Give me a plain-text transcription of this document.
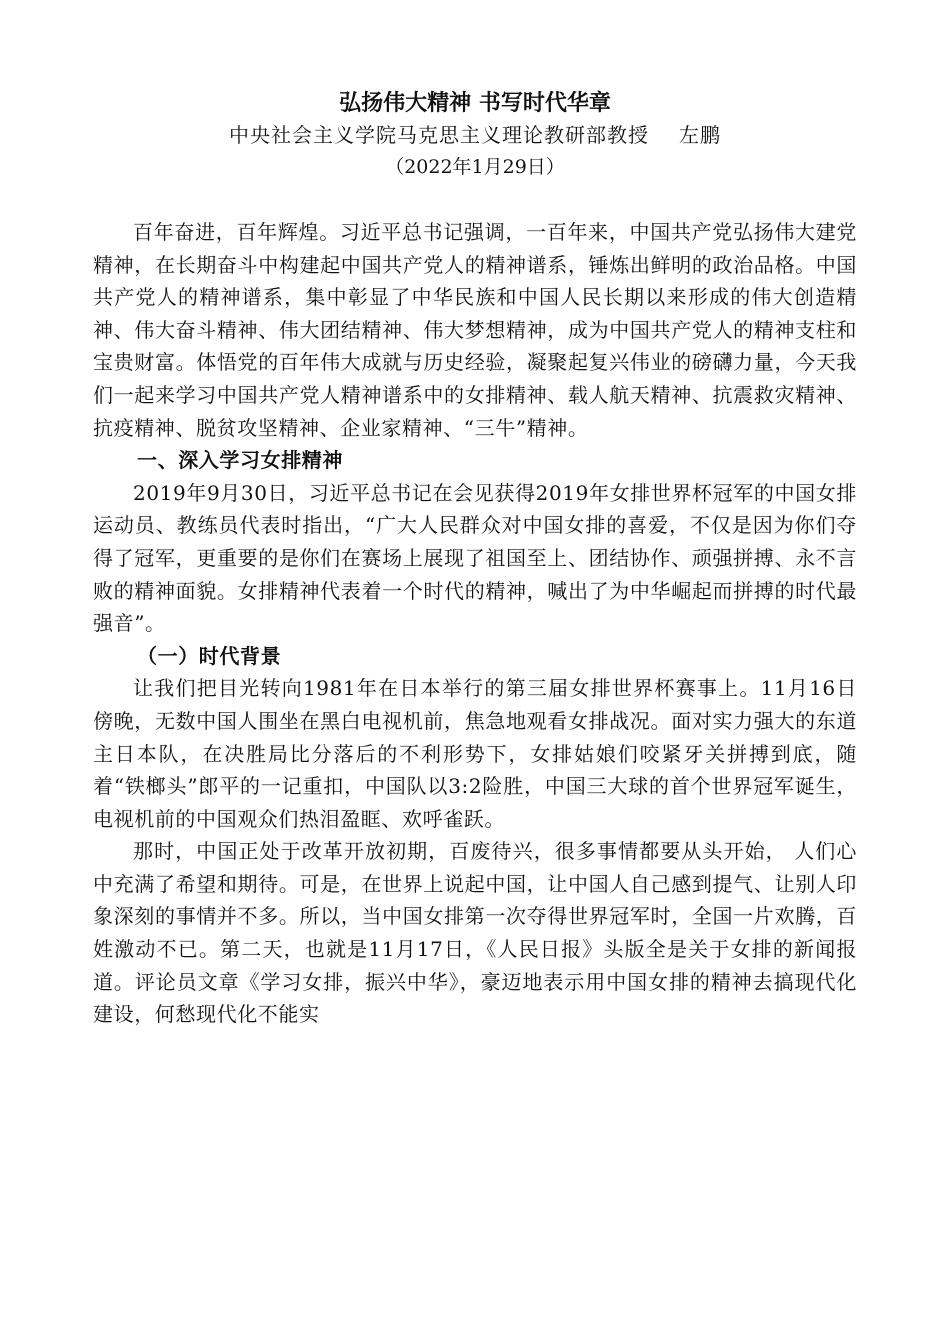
弘扬伟大精神 书写时代华章
中央社会主义学院马克思主义理论教研部教授 左鹏
（2022年1月29日）

百年奋进，百年辉煌。习近平总书记强调，一百年来，中国共产党弘扬伟大建党精神，在长期奋斗中构建起中国共产党人的精神谱系，锤炼出鲜明的政治品格。中国共产党人的精神谱系，集中彰显了中华民族和中国人民长期以来形成的伟大创造精神、伟大奋斗精神、伟大团结精神、伟大梦想精神，成为中国共产党人的精神支柱和宝贵财富。体悟党的百年伟大成就与历史经验，凝聚起复兴伟业的磅礴力量，今天我们一起来学习中国共产党人精神谱系中的女排精神、载人航天精神、抗震救灾精神、抗疫精神、脱贫攻坚精神、企业家精神、“三牛”精神。

一、深入学习女排精神

2019年9月30日，习近平总书记在会见获得2019年女排世界杯冠军的中国女排运动员、教练员代表时指出，“广大人民群众对中国女排的喜爱，不仅是因为你们夺得了冠军，更重要的是你们在赛场上展现了祖国至上、团结协作、顽强拼搏、永不言败的精神面貌。女排精神代表着一个时代的精神，喊出了为中华崛起而拼搏的时代最强音”。

（一）时代背景

让我们把目光转向1981年在日本举行的第三届女排世界杯赛事上。11月16日傍晚，无数中国人围坐在黑白电视机前，焦急地观看女排战况。面对实力强大的东道主日本队，在决胜局比分落后的不利形势下，女排姑娘们咬紧牙关拼搏到底，随着“铁榔头”郎平的一记重扣，中国队以3:2险胜，中国三大球的首个世界冠军诞生，电视机前的中国观众们热泪盈眶、欢呼雀跃。

那时，中国正处于改革开放初期，百废待兴，很多事情都要从头开始， 人们心中充满了希望和期待。可是，在世界上说起中国，让中国人自己感到提气、让别人印象深刻的事情并不多。所以，当中国女排第一次夺得世界冠军时，全国一片欢腾，百姓激动不已。第二天，也就是11月17日，《人民日报》头版全是关于女排的新闻报道。评论员文章《学习女排，振兴中华》，豪迈地表示用中国女排的精神去搞现代化建设，何愁现代化不能实
